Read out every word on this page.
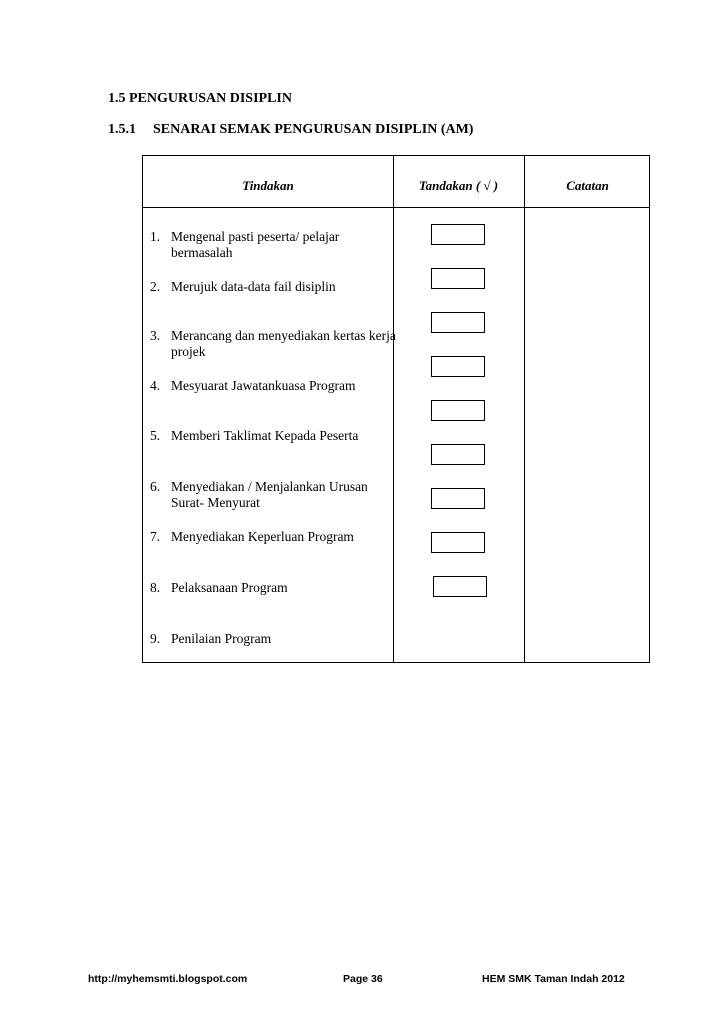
1.5 PENGURUSAN DISIPLIN
1.5.1 SENARAI SEMAK PENGURUSAN DISIPLIN (AM)
Tindakan	Tandakan ( √ )	Catatan
1. Mengenal pasti peserta/ pelajar bermasalah
2. Merujuk data-data fail disiplin
3. Merancang dan menyediakan kertas kerja projek
4. Mesyuarat Jawatankuasa Program
5. Memberi Taklimat Kepada Peserta
6. Menyediakan / Menjalankan Urusan Surat- Menyurat
7. Menyediakan Keperluan Program
8. Pelaksanaan Program
9. Penilaian Program
http://myhemsmti.blogspot.com	Page 36	HEM SMK Taman Indah 2012
